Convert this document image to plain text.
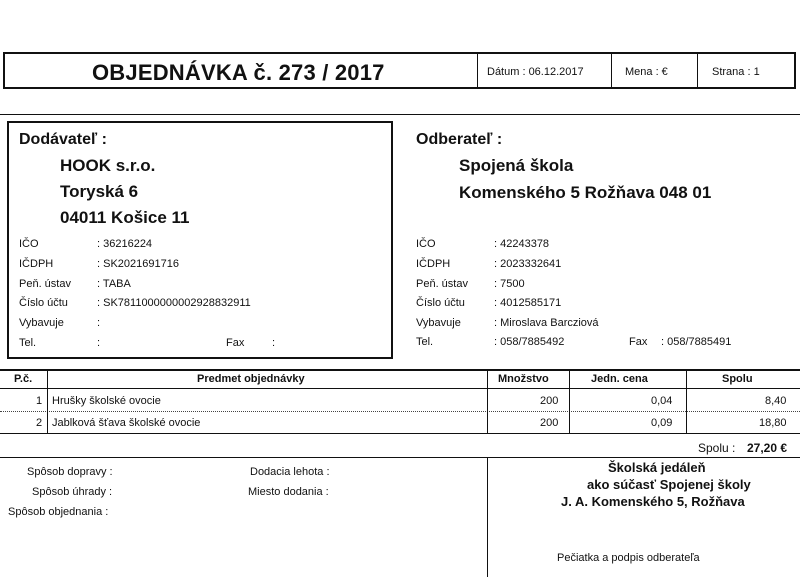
OBJEDNÁVKA č. 273 / 2017	Dátum : 06.12.2017	Mena : €	Strana : 1
Dodávateľ :
HOOK s.r.o.
Toryská 6
04011 Košice 11
IČO	: 36216224
IČDPH	: SK2021691716
Peň. ústav : TABA
Číslo účtu	: SK7811000000002928832911
Vybavuje	:
Tel.	:	Fax	:
Odberateľ :
Spojená škola
Komenského 5 Rožňava 048 01
IČO	: 42243378
IČDPH	: 2023332641
Peň. ústav : 7500
Číslo účtu	: 4012585171
Vybavuje	: Miroslava Barcziová
Tel.	: 058/7885492	Fax : 058/7885491
P.č.	Predmet objednávky	Množstvo	Jedn. cena	Spolu
1 Hrušky školské ovocie	200	0,04	8,40
2 Jablková šťava školské ovocie	200	0,09	18,80
Spolu : 27,20 €
Spôsob dopravy :
Spôsob úhrady :
Spôsob objednania :
Dodacia lehota :
Miesto dodania :
Školská jedáleň
ako súčasť Spojenej školy
J. A. Komenského 5, Rožňava
Pečiatka a podpis odberateľa
